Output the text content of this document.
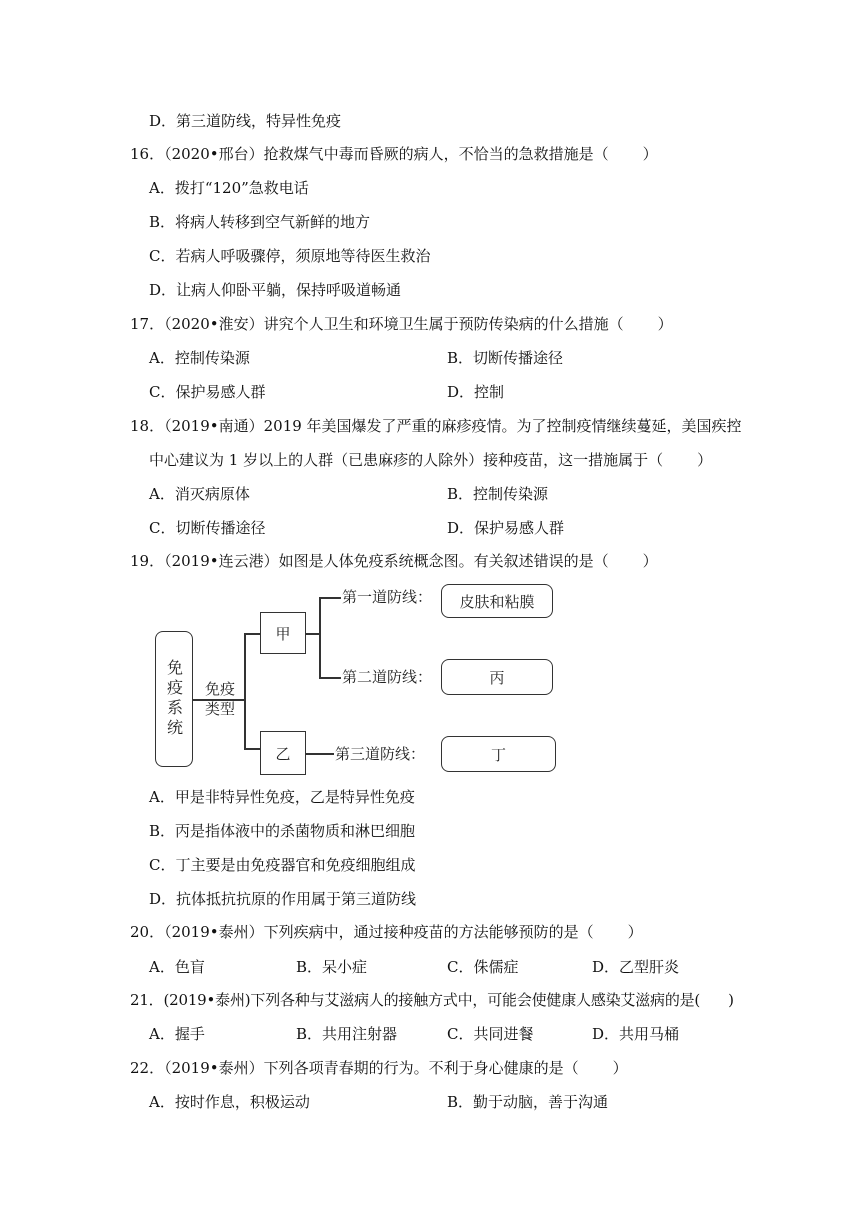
D．第三道防线，特异性免疫
16．（2020•邢台）抢救煤气中毒而昏厥的病人，不恰当的急救措施是（ ）
A．拨打“120”急救电话
B．将病人转移到空气新鲜的地方
C．若病人呼吸骤停，须原地等待医生救治
D．让病人仰卧平躺，保持呼吸道畅通
17．（2020•淮安）讲究个人卫生和环境卫生属于预防传染病的什么措施（ ）
A．控制传染源	B．切断传播途径
C．保护易感人群	D．控制
18．（2019•南通）2019 年美国爆发了严重的麻疹疫情。为了控制疫情继续蔓延，美国疾控
中心建议为 1 岁以上的人群（已患麻疹的人除外）接种疫苗，这一措施属于（ ）
A．消灭病原体	B．控制传染源
C．切断传播途径	D．保护易感人群
19．（2019•连云港）如图是人体免疫系统概念图。有关叙述错误的是（ ）
免疫系统 免疫
类型
甲
乙
第一道防线：
第二道防线：
第三道防线：
皮肤和粘膜
丙
丁
A．甲是非特异性免疫，乙是特异性免疫
B．丙是指体液中的杀菌物质和淋巴细胞
C．丁主要是由免疫器官和免疫细胞组成
D．抗体抵抗抗原的作用属于第三道防线
20．（2019•泰州）下列疾病中，通过接种疫苗的方法能够预防的是（ ）
A．色盲	B．呆小症	C．侏儒症	D．乙型肝炎
21．(2019•泰州)下列各种与艾滋病人的接触方式中，可能会使健康人感染艾滋病的是( )
A．握手	B．共用注射器	C．共同进餐	D．共用马桶
22．（2019•泰州）下列各项青春期的行为。不利于身心健康的是（ ）
A．按时作息，积极运动	B．勤于动脑，善于沟通
